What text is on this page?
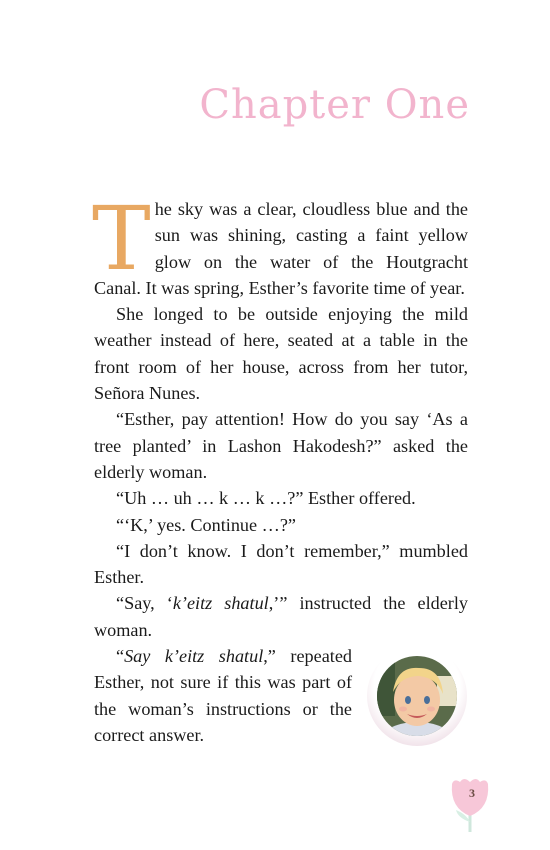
Chapter One

The sky was a clear, cloudless blue and the sun was shining, casting a faint yellow glow on the water of the Houtgracht Canal. It was spring, Esther’s favorite time of year.

She longed to be outside enjoying the mild weather instead of here, seated at a table in the front room of her house, across from her tutor, Señora Nunes.

“Esther, pay attention! How do you say ‘As a tree planted’ in Lashon Hakodesh?” asked the elderly woman.

“Uh … uh … k … k …?” Esther offered.

“‘K,’ yes. Continue …?”

“I don’t know. I don’t remember,” mumbled Esther.

“Say, ‘k’eitz shatul,’” instructed the elderly woman.

“Say k’eitz shatul,” repeated Esther, not sure if this was part of the woman’s instructions or the correct answer.

3
